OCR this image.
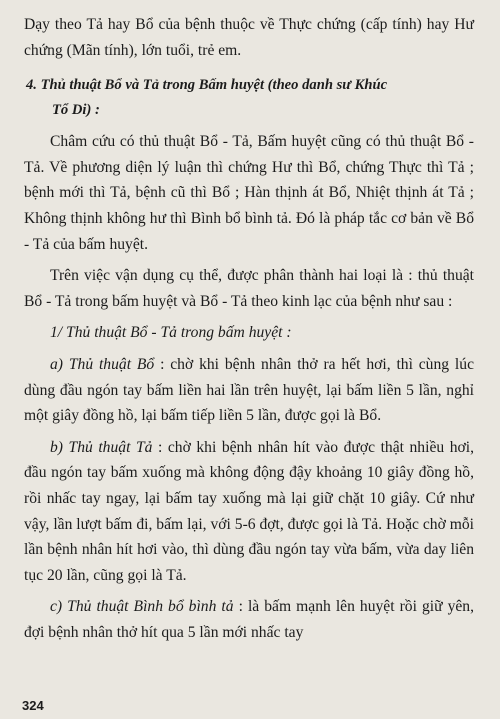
Dạy theo Tả hay Bổ của bệnh thuộc về Thực chứng (cấp tính) hay Hư chứng (Mãn tính), lớn tuổi, trẻ em.

4. Thủ thuật Bổ và Tả trong Bấm huyệt (theo danh sư Khúc
Tổ Di) :

Châm cứu có thủ thuật Bổ - Tả, Bấm huyệt cũng có thủ thuật Bổ - Tả. Về phương diện lý luận thì chứng Hư thì Bổ, chứng Thực thì Tả ; bệnh mới thì Tả, bệnh cũ thì Bổ ; Hàn thịnh át Bổ, Nhiệt thịnh át Tả ; Không thịnh không hư thì Bình bổ bình tả. Đó là pháp tắc cơ bản về Bổ - Tả của bấm huyệt.

Trên việc vận dụng cụ thể, được phân thành hai loại là : thủ thuật Bổ - Tả trong bấm huyệt và Bổ - Tả theo kinh lạc của bệnh như sau :

1/ Thủ thuật Bổ - Tả trong bấm huyệt :

a) Thủ thuật Bổ : chờ khi bệnh nhân thở ra hết hơi, thì cùng lúc dùng đầu ngón tay bấm liền hai lần trên huyệt, lại bấm liền 5 lần, nghỉ một giây đồng hồ, lại bấm tiếp liền 5 lần, được gọi là Bổ.

b) Thủ thuật Tả : chờ khi bệnh nhân hít vào được thật nhiều hơi, đầu ngón tay bấm xuống mà không động đậy khoảng 10 giây đồng hồ, rồi nhấc tay ngay, lại bấm tay xuống mà lại giữ chặt 10 giây. Cứ như vậy, lần lượt bấm đi, bấm lại, với 5-6 đợt, được gọi là Tả. Hoặc chờ mỗi lần bệnh nhân hít hơi vào, thì dùng đầu ngón tay vừa bấm, vừa day liên tục 20 lần, cũng gọi là Tả.

c) Thủ thuật Bình bổ bình tả : là bấm mạnh lên huyệt rồi giữ yên, đợi bệnh nhân thở hít qua 5 lần mới nhấc tay

324
